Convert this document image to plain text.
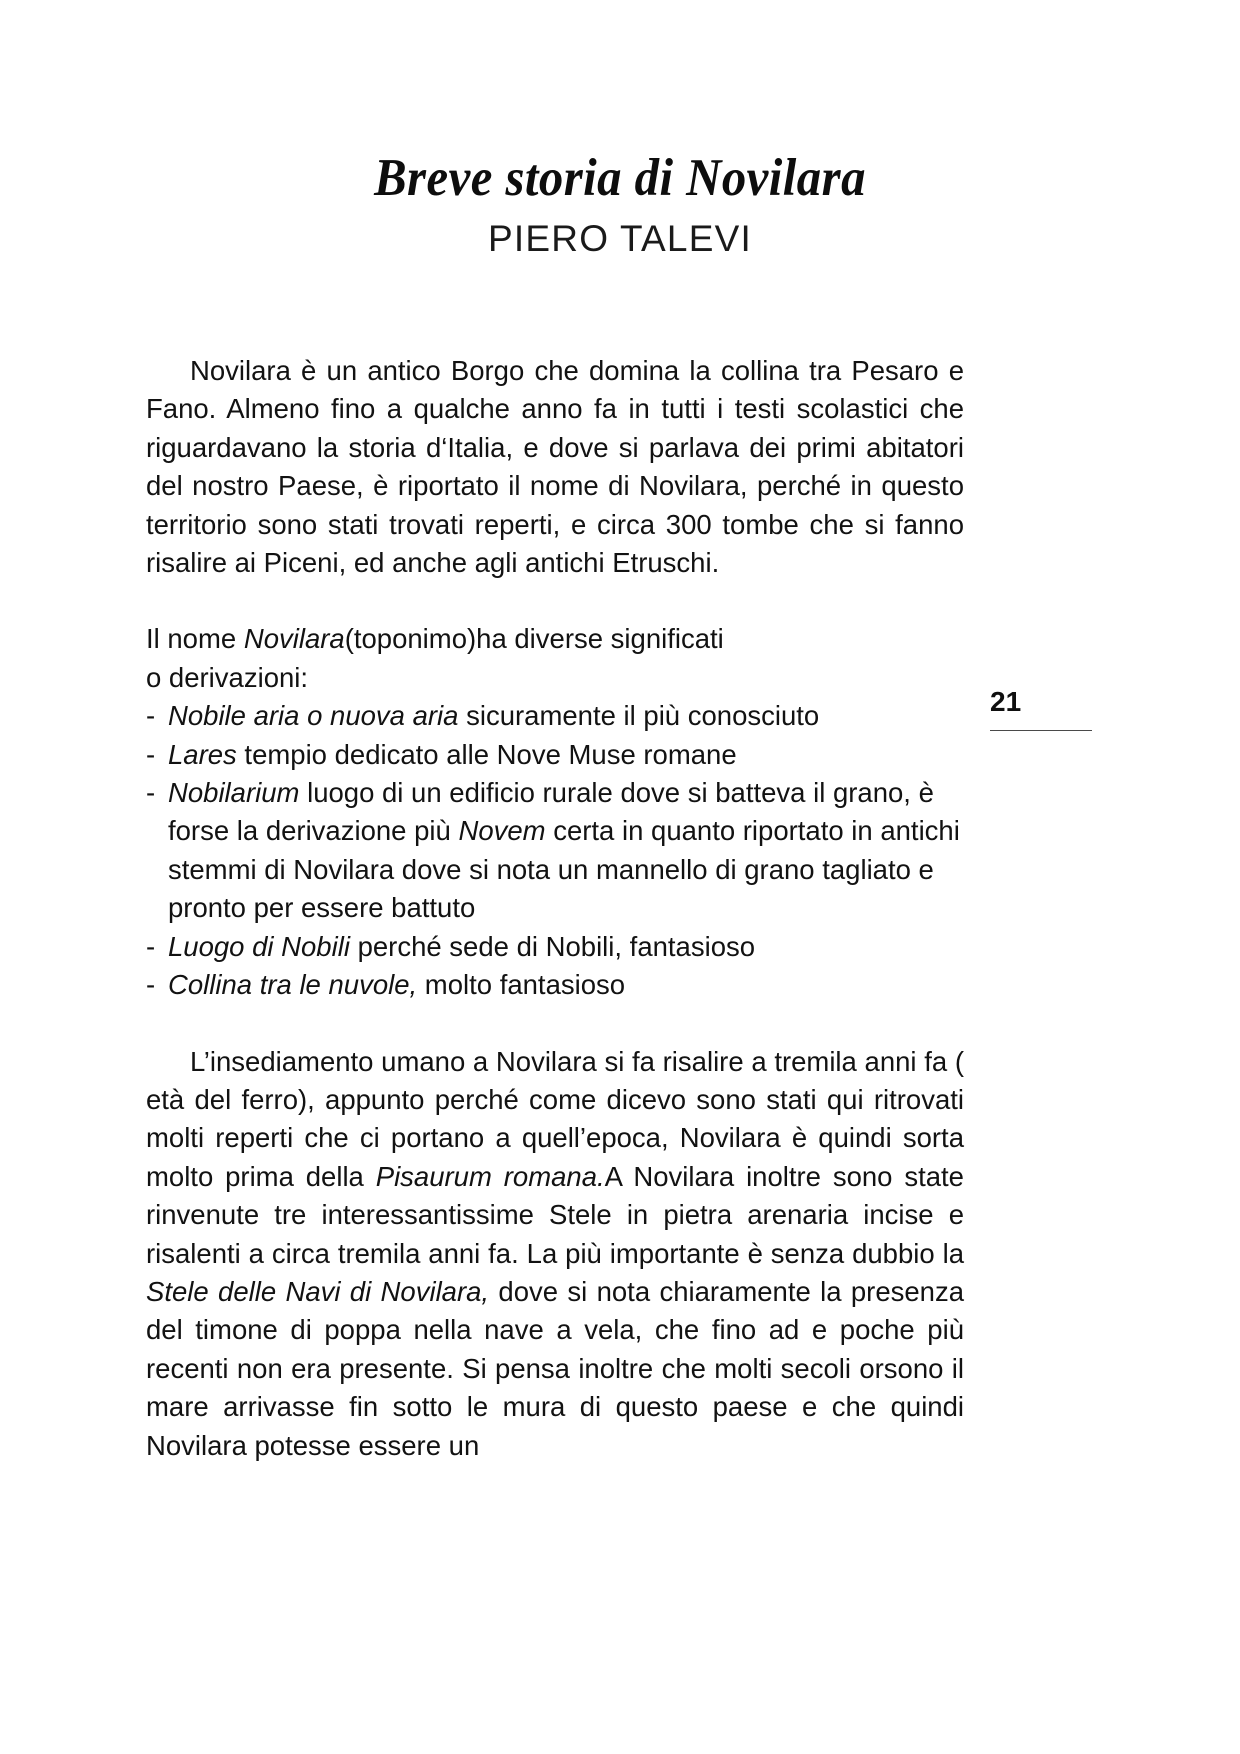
Breve storia di Novilara
PIERO TALEVI

Novilara è un antico Borgo che domina la collina tra Pesaro e Fano. Almeno fino a qualche anno fa in tutti i testi scolastici che riguardavano la storia d‘Italia, e dove si parlava dei primi abitatori del nostro Paese, è riportato il nome di Novilara, perché in questo territorio sono stati trovati reperti, e circa 300 tombe che si fanno risalire ai Piceni, ed anche agli antichi Etruschi.

Il nome Novilara(toponimo)ha diverse significati

o derivazioni:

- Nobile aria o nuova aria sicuramente il più conosciuto
- Lares tempio dedicato alle Nove Muse romane
- Nobilarium luogo di un edificio rurale dove si batteva il grano, è forse la derivazione più Novem certa in quanto riportato in antichi stemmi di Novilara dove si nota un mannello di grano tagliato e pronto per essere battuto
- Luogo di Nobili perché sede di Nobili, fantasioso
- Collina tra le nuvole, molto fantasioso

L’insediamento umano a Novilara si fa risalire a tremila anni fa ( età del ferro), appunto perché come dicevo sono stati qui ritrovati molti reperti che ci portano a quell’epoca, Novilara è quindi sorta molto prima della Pisaurum romana.A Novilara inoltre sono state rinvenute tre interessantissime Stele in pietra arenaria incise e risalenti a circa tremila anni fa. La più importante è senza dubbio la Stele delle Navi di Novilara, dove si nota chiaramente la presenza del timone di poppa nella nave a vela, che fino ad e poche più recenti non era presente. Si pensa inoltre che molti secoli orsono il mare arrivasse fin sotto le mura di questo paese e che quindi Novilara potesse essere un

21
